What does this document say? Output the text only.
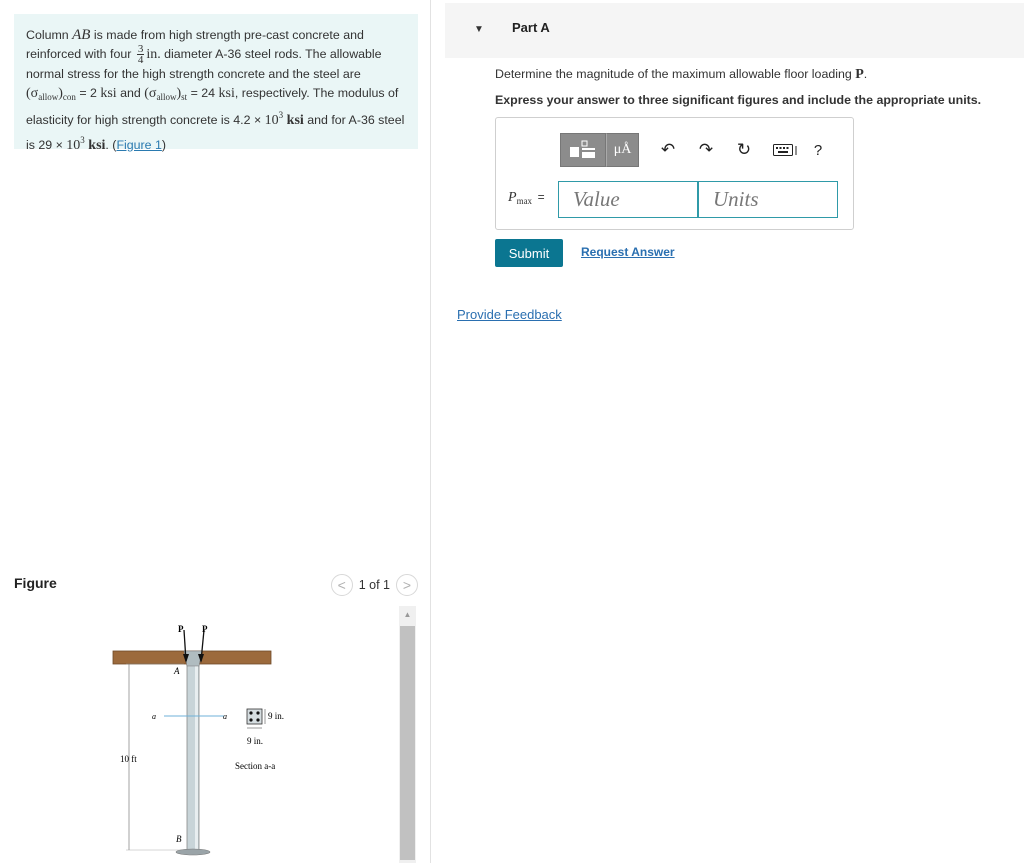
Column AB is made from high strength pre-cast concrete and reinforced with four $\frac{3}{4}$ in. diameter A-36 steel rods. The allowable normal stress for the high strength concrete and the steel are
$(\sigma_{allow})_{con} = 2$ ksi and $(\sigma_{allow})_{st} = 24$ ksi, respectively. The modulus of elasticity for high strength concrete is $4.2 \times 10^3$ ksi and for A-36 steel is $29 \times 10^3$ ksi. (Figure 1)
Figure	< 1 of 1 >
P P
A
B
a	a
10 ft
9 in.
9 in.
Section a-a
▲
▼ Part A
Determine the magnitude of the maximum allowable floor loading P.
Express your answer to three significant figures and include the appropriate units.
μÅ ↶ ↷ ↻	?
$P_{max}$ =
Value
Units
Submit	Request Answer
Provide Feedback
